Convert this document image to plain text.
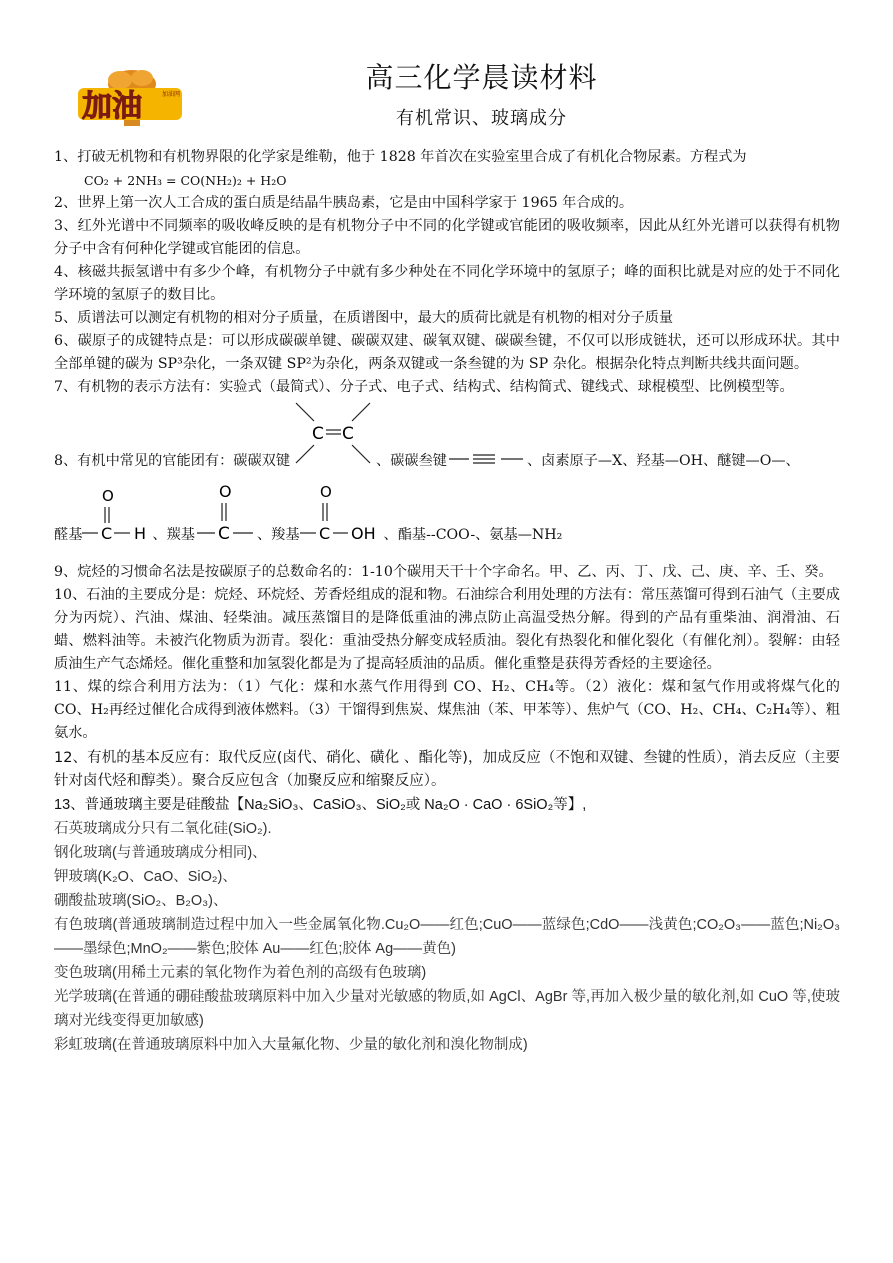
加油	加油网
高三化学晨读材料
有机常识、玻璃成分

1、打破无机物和有机物界限的化学家是维勒，他于 1828 年首次在实验室里合成了有机化合物尿素。方程式为

CO₂ + 2NH₃ = CO(NH₂)₂ + H₂O

2、世界上第一次人工合成的蛋白质是结晶牛胰岛素，它是由中国科学家于 1965 年合成的。

3、红外光谱中不同频率的吸收峰反映的是有机物分子中不同的化学键或官能团的吸收频率，因此从红外光谱可以获得有机物分子中含有何种化学键或官能团的信息。

4、核磁共振氢谱中有多少个峰，有机物分子中就有多少种处在不同化学环境中的氢原子；峰的面积比就是对应的处于不同化学环境的氢原子的数目比。

5、质谱法可以测定有机物的相对分子质量，在质谱图中，最大的质荷比就是有机物的相对分子质量

6、碳原子的成键特点是：可以形成碳碳单键、碳碳双建、碳氧双键、碳碳叁键，不仅可以形成链状，还可以形成环状。其中全部单键的碳为 SP³杂化，一条双键 SP²为杂化，两条双键或一条叁键的为 SP 杂化。根据杂化特点判断共线共面问题。

7、有机物的表示方法有：实验式（最简式）、分子式、电子式、结构式、结构简式、键线式、球棍模型、比例模型等。

8、有机中常见的官能团有：碳碳双键
C C
、碳碳叁键	、卤素原子—X、羟基—OH、醚键—O—、
醛基
O
C H 、羰基
O
C 、羧基
O
C OH 、酯基--COO-、氨基—NH₂

9、烷烃的习惯命名法是按碳原子的总数命名的：1-10个碳用天干十个字命名。甲、乙、丙、丁、戊、己、庚、辛、壬、癸。

10、石油的主要成分是：烷烃、环烷烃、芳香烃组成的混和物。石油综合利用处理的方法有：常压蒸馏可得到石油气（主要成分为丙烷）、汽油、煤油、轻柴油。减压蒸馏目的是降低重油的沸点防止高温受热分解。得到的产品有重柴油、润滑油、石蜡、燃料油等。未被汽化物质为沥青。裂化：重油受热分解变成轻质油。裂化有热裂化和催化裂化（有催化剂）。裂解：由轻质油生产气态烯烃。催化重整和加氢裂化都是为了提高轻质油的品质。催化重整是获得芳香烃的主要途径。

11、煤的综合利用方法为：（1）气化：煤和水蒸气作用得到 CO、H₂、CH₄等。（2）液化：煤和氢气作用或将煤气化的 CO、H₂再经过催化合成得到液体燃料。（3）干馏得到焦炭、煤焦油（苯、甲苯等）、焦炉气（CO、H₂、CH₄、C₂H₄等）、粗氨水。

12、有机的基本反应有：取代反应(卤代、硝化、磺化 、酯化等)，加成反应（不饱和双键、叁键的性质），消去反应（主要针对卤代烃和醇类）。聚合反应包含（加聚反应和缩聚反应）。

13、普通玻璃主要是硅酸盐【Na₂SiO₃、CaSiO₃、SiO₂或 Na₂O · CaO · 6SiO₂等】,

石英玻璃成分只有二氧化硅(SiO₂).

钢化玻璃(与普通玻璃成分相同)、

钾玻璃(K₂O、CaO、SiO₂)、

硼酸盐玻璃(SiO₂、B₂O₃)、

有色玻璃(普通玻璃制造过程中加入一些金属氧化物.Cu₂O——红色;CuO——蓝绿色;CdO——浅黄色;CO₂O₃——蓝色;Ni₂O₃——墨绿色;MnO₂——紫色;胶体 Au——红色;胶体 Ag——黄色)

变色玻璃(用稀土元素的氧化物作为着色剂的高级有色玻璃)

光学玻璃(在普通的硼硅酸盐玻璃原料中加入少量对光敏感的物质,如 AgCl、AgBr 等,再加入极少量的敏化剂,如 CuO 等,使玻璃对光线变得更加敏感)

彩虹玻璃(在普通玻璃原料中加入大量氟化物、少量的敏化剂和溴化物制成)
